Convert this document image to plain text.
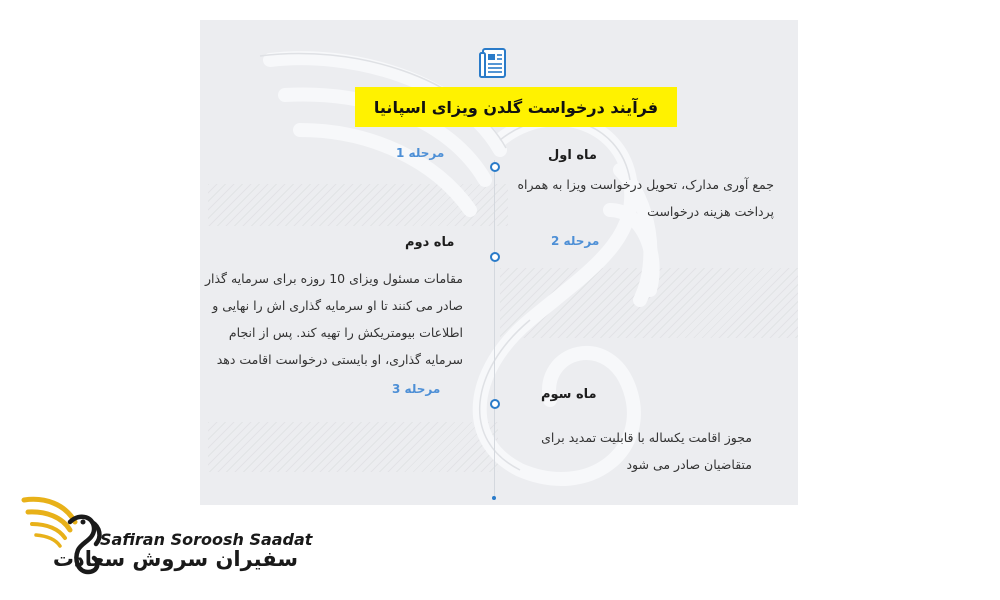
فرآیند درخواست گلدن ویزای اسپانیا
مرحله 1	ماه اول
جمع آوری مدارک، تحویل درخواست ویزا به همراه
پرداخت هزینه درخواست
ماه دوم	مرحله 2
مقامات مسئول ویزای 10 روزه برای سرمایه گذار
صادر می کنند تا او سرمایه گذاری اش را نهایی و
اطلاعات بیومتریکش را تهیه کند. پس از انجام
سرمایه گذاری، او بایستی درخواست اقامت دهد
مرحله 3	ماه سوم
مجوز اقامت یکساله با قابلیت تمدید برای
متقاضیان صادر می شود
Safiran Soroosh Saadat
سفیران سروش سعادت
